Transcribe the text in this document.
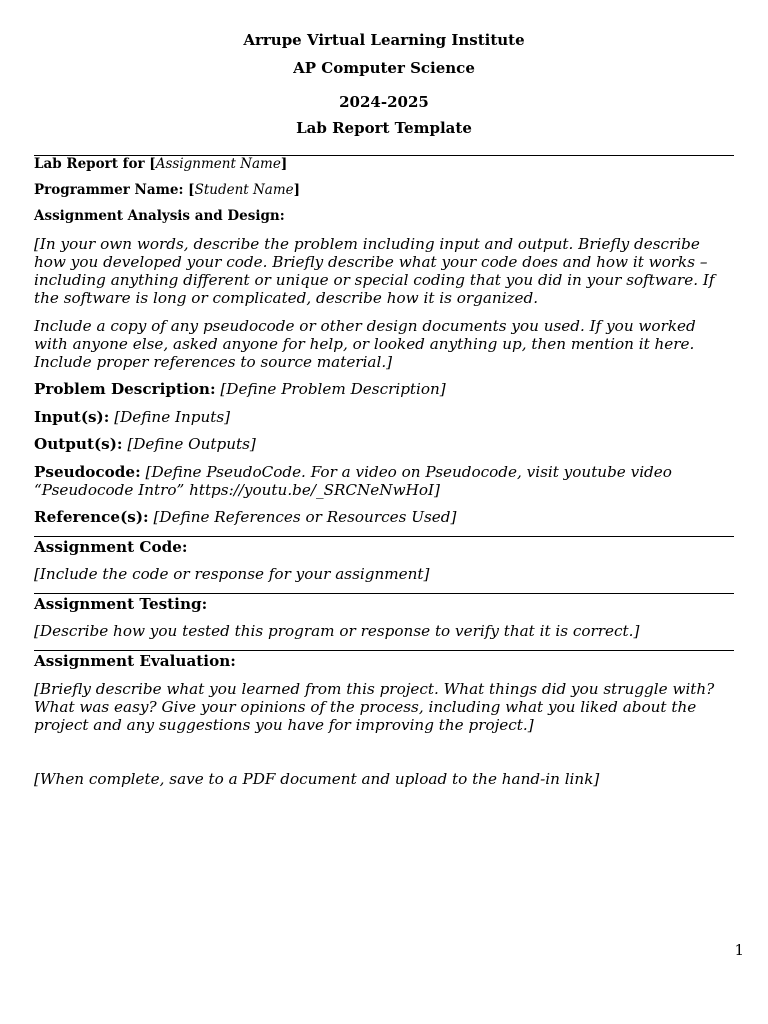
Arrupe Virtual Learning Institute
AP Computer Science
2024-2025
Lab Report Template
Lab Report for [Assignment Name]
Programmer Name: [Student Name]
Assignment Analysis and Design:
[In your own words, describe the problem including input and output. Briefly describe how you developed your code. Briefly describe what your code does and how it works – including anything different or unique or special coding that you did in your software. If the software is long or complicated, describe how it is organized.
Include a copy of any pseudocode or other design documents you used. If you worked with anyone else, asked anyone for help, or looked anything up, then mention it here. Include proper references to source material.]
Problem Description: [Define Problem Description]
Input(s): [Define Inputs]
Output(s): [Define Outputs]
Pseudocode: [Define PseudoCode. For a video on Pseudocode, visit youtube video “Pseudocode Intro” https://youtu.be/_SRCNeNwHoI]
Reference(s): [Define References or Resources Used]
Assignment Code:
[Include the code or response for your assignment]
Assignment Testing:
[Describe how you tested this program or response to verify that it is correct.]
Assignment Evaluation:
[Briefly describe what you learned from this project. What things did you struggle with? What was easy? Give your opinions of the process, including what you liked about the project and any suggestions you have for improving the project.]
[When complete, save to a PDF document and upload to the hand-in link]
1
